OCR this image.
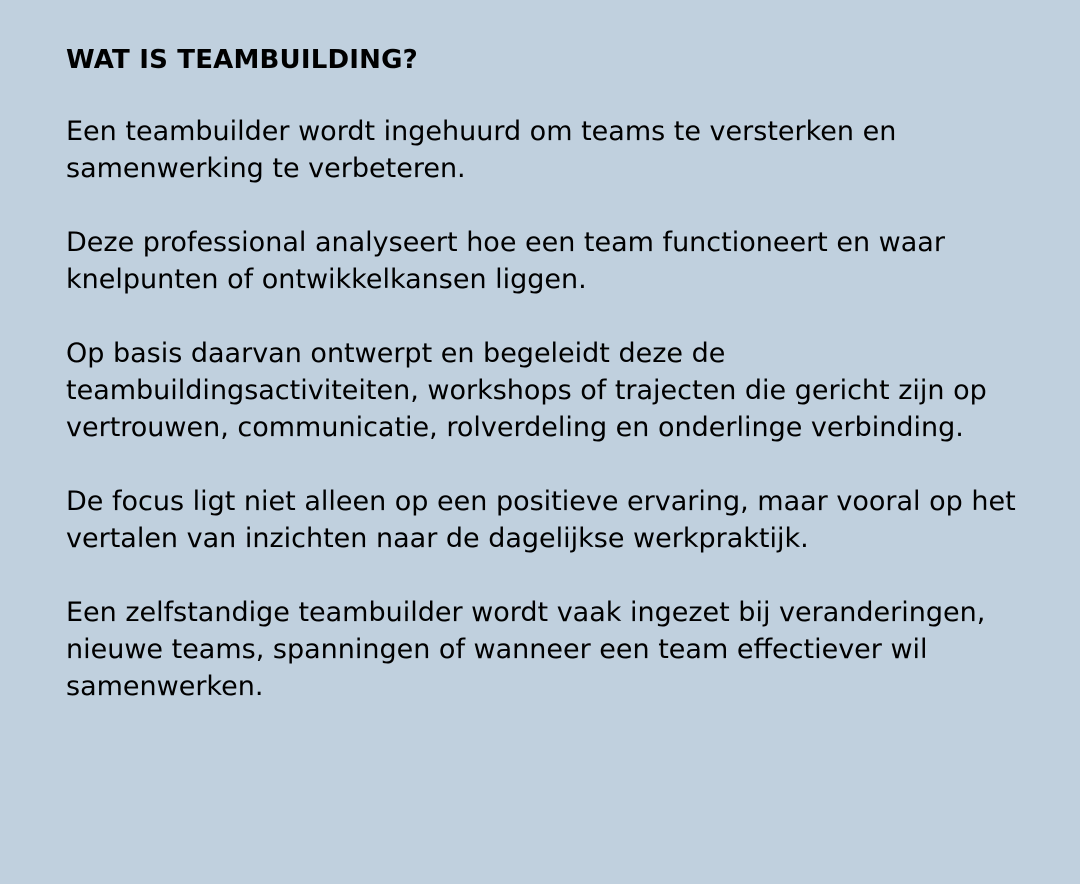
WAT IS TEAMBUILDING?

Een teambuilder wordt ingehuurd om teams te versterken en samenwerking te verbeteren.

Deze professional analyseert hoe een team functioneert en waar knelpunten of ontwikkelkansen liggen.

Op basis daarvan ontwerpt en begeleidt deze de teambuildingsactiviteiten, workshops of trajecten die gericht zijn op vertrouwen, communicatie, rolverdeling en onderlinge verbinding.

De focus ligt niet alleen op een positieve ervaring, maar vooral op het vertalen van inzichten naar de dagelijkse werkpraktijk.

Een zelfstandige teambuilder wordt vaak ingezet bij veranderingen, nieuwe teams, spanningen of wanneer een team effectiever wil samenwerken.
